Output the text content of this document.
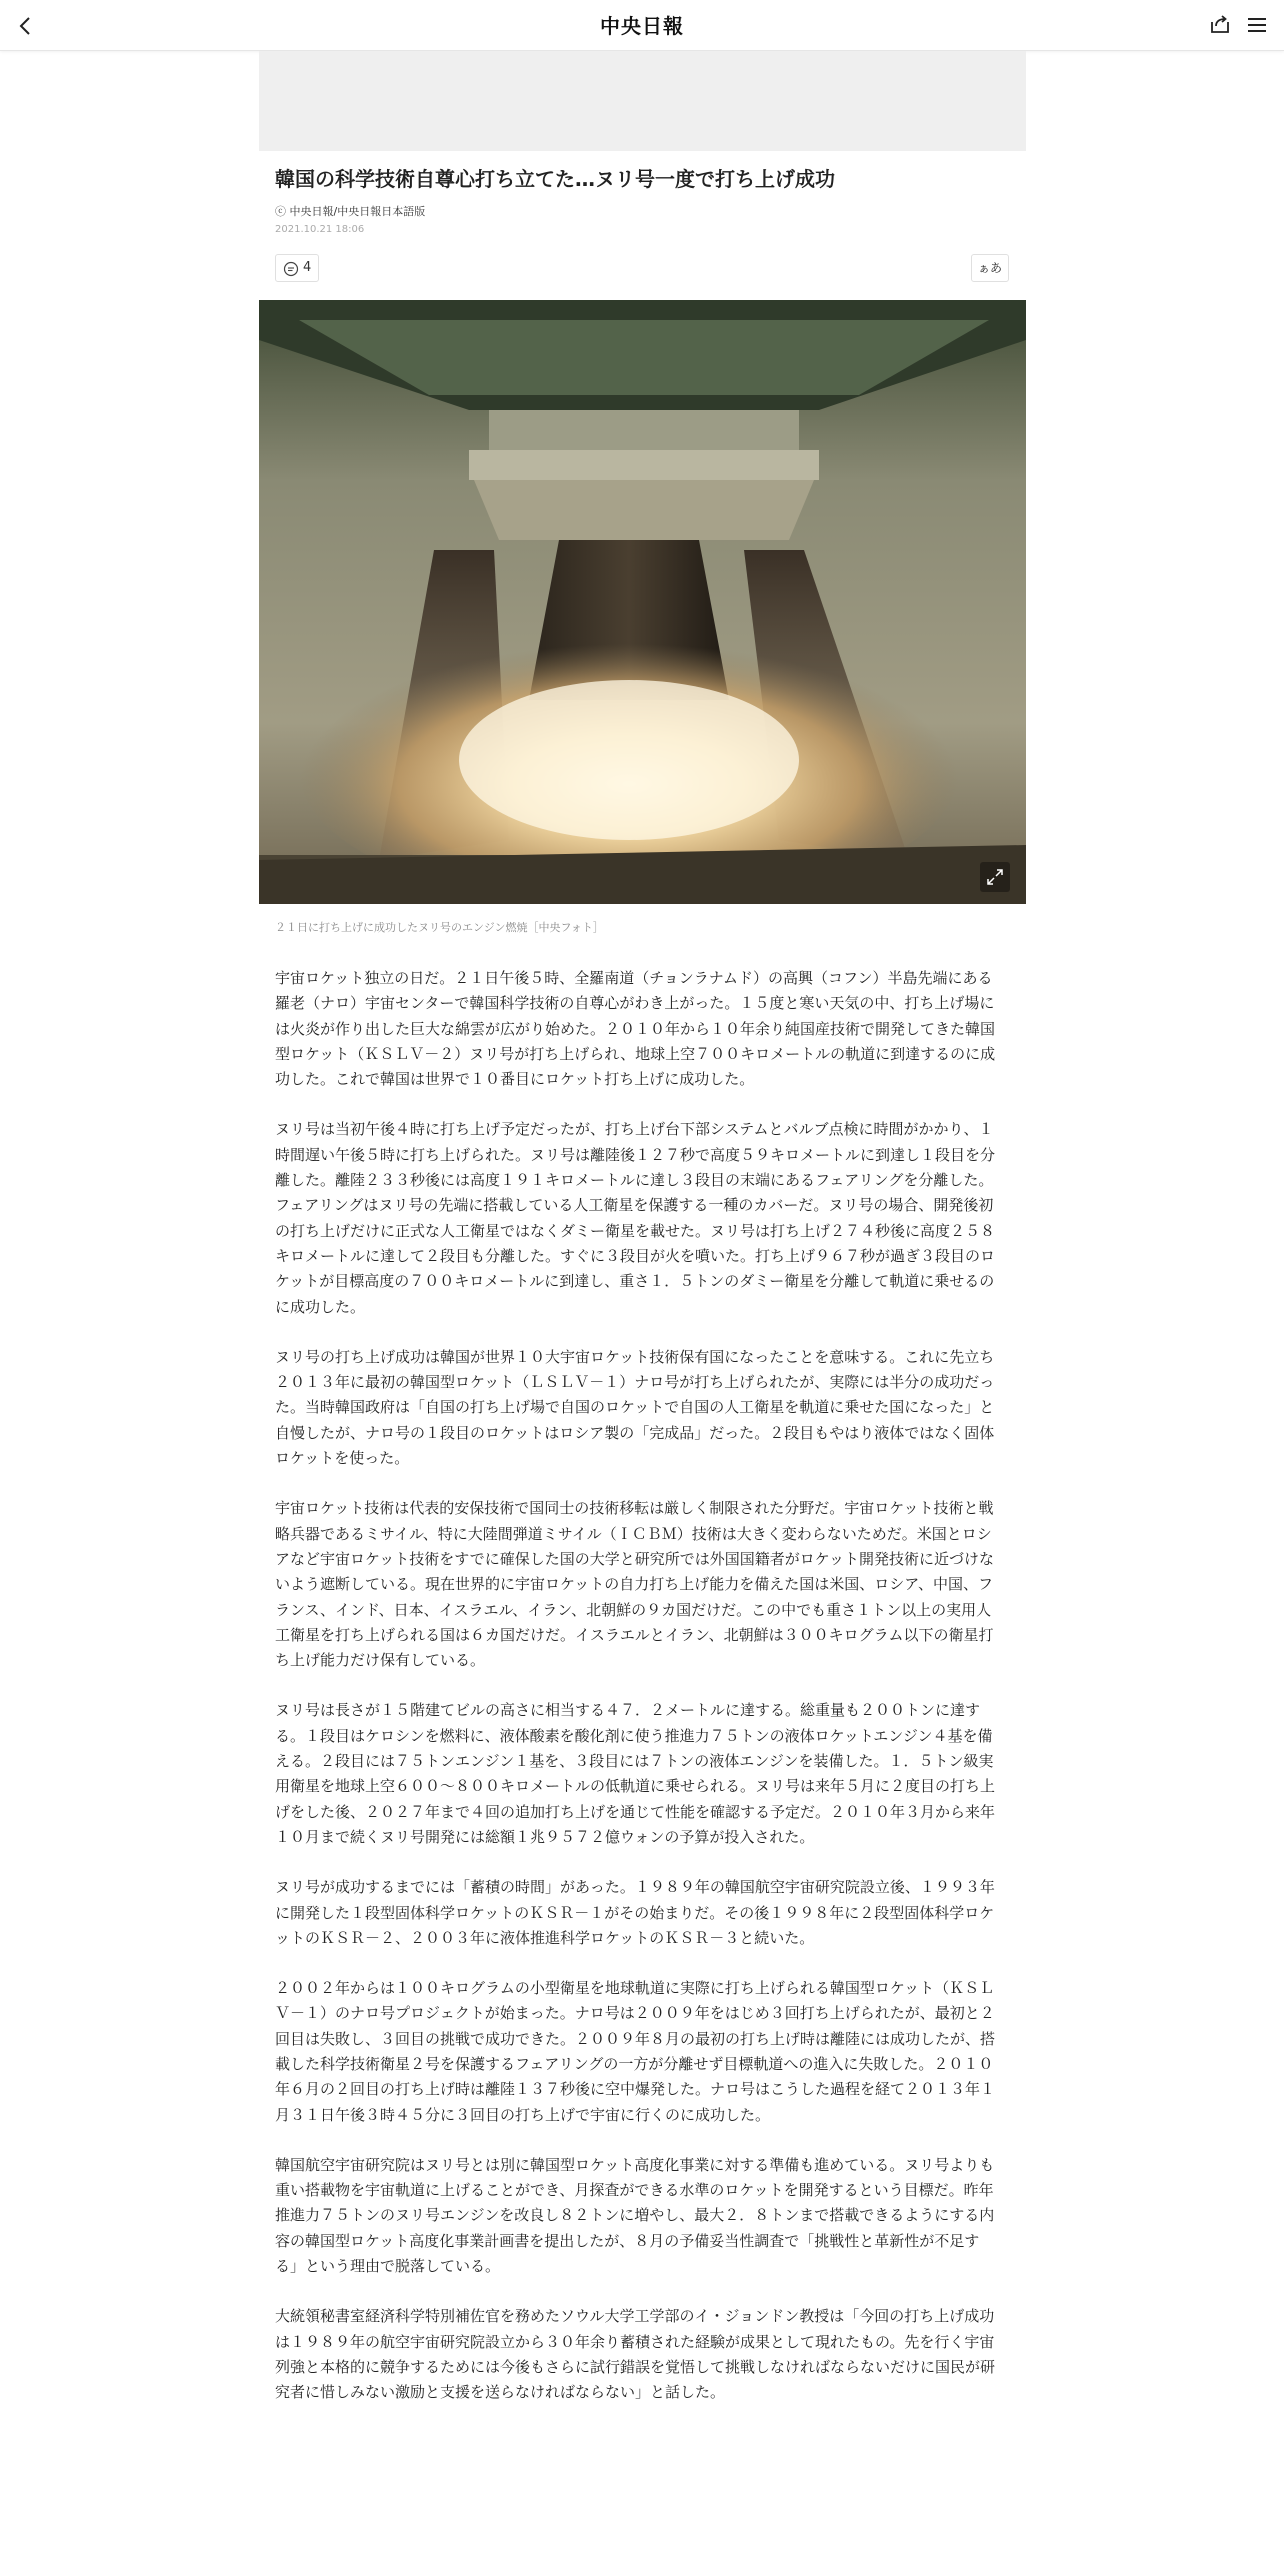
中央日報
韓国の科学技術自尊心打ち立てた…ヌリ号一度で打ち上げ成功
ⓒ 中央日報/中央日報日本語版
2021.10.21 18:06
4	ぁあ
２１日に打ち上げに成功したヌリ号のエンジン燃焼［中央フォト］

宇宙ロケット独立の日だ。２１日午後５時、全羅南道（チョンラナムド）の高興（コフン）半島先端にある羅老（ナロ）宇宙センターで韓国科学技術の自尊心がわき上がった。１５度と寒い天気の中、打ち上げ場には火炎が作り出した巨大な綿雲が広がり始めた。２０１０年から１０年余り純国産技術で開発してきた韓国型ロケット（ＫＳＬＶ－２）ヌリ号が打ち上げられ、地球上空７００キロメートルの軌道に到達するのに成功した。これで韓国は世界で１０番目にロケット打ち上げに成功した。

ヌリ号は当初午後４時に打ち上げ予定だったが、打ち上げ台下部システムとバルブ点検に時間がかかり、１時間遅い午後５時に打ち上げられた。ヌリ号は離陸後１２７秒で高度５９キロメートルに到達し１段目を分離した。離陸２３３秒後には高度１９１キロメートルに達し３段目の末端にあるフェアリングを分離した。フェアリングはヌリ号の先端に搭載している人工衛星を保護する一種のカバーだ。ヌリ号の場合、開発後初の打ち上げだけに正式な人工衛星ではなくダミー衛星を載せた。ヌリ号は打ち上げ２７４秒後に高度２５８キロメートルに達して２段目も分離した。すぐに３段目が火を噴いた。打ち上げ９６７秒が過ぎ３段目のロケットが目標高度の７００キロメートルに到達し、重さ１．５トンのダミー衛星を分離して軌道に乗せるのに成功した。

ヌリ号の打ち上げ成功は韓国が世界１０大宇宙ロケット技術保有国になったことを意味する。これに先立ち２０１３年に最初の韓国型ロケット（ＬＳＬＶ－１）ナロ号が打ち上げられたが、実際には半分の成功だった。当時韓国政府は「自国の打ち上げ場で自国のロケットで自国の人工衛星を軌道に乗せた国になった」と自慢したが、ナロ号の１段目のロケットはロシア製の「完成品」だった。２段目もやはり液体ではなく固体ロケットを使った。

宇宙ロケット技術は代表的安保技術で国同士の技術移転は厳しく制限された分野だ。宇宙ロケット技術と戦略兵器であるミサイル、特に大陸間弾道ミサイル（ＩＣＢＭ）技術は大きく変わらないためだ。米国とロシアなど宇宙ロケット技術をすでに確保した国の大学と研究所では外国国籍者がロケット開発技術に近づけないよう遮断している。現在世界的に宇宙ロケットの自力打ち上げ能力を備えた国は米国、ロシア、中国、フランス、インド、日本、イスラエル、イラン、北朝鮮の９カ国だけだ。この中でも重さ１トン以上の実用人工衛星を打ち上げられる国は６カ国だけだ。イスラエルとイラン、北朝鮮は３００キログラム以下の衛星打ち上げ能力だけ保有している。

ヌリ号は長さが１５階建てビルの高さに相当する４７．２メートルに達する。総重量も２００トンに達する。１段目はケロシンを燃料に、液体酸素を酸化剤に使う推進力７５トンの液体ロケットエンジン４基を備える。２段目には７５トンエンジン１基を、３段目には７トンの液体エンジンを装備した。１．５トン級実用衛星を地球上空６００～８００キロメートルの低軌道に乗せられる。ヌリ号は来年５月に２度目の打ち上げをした後、２０２７年まで４回の追加打ち上げを通じて性能を確認する予定だ。２０１０年３月から来年１０月まで続くヌリ号開発には総額１兆９５７２億ウォンの予算が投入された。

ヌリ号が成功するまでには「蓄積の時間」があった。１９８９年の韓国航空宇宙研究院設立後、１９９３年に開発した１段型固体科学ロケットのＫＳＲ－１がその始まりだ。その後１９９８年に２段型固体科学ロケットのＫＳＲ－２、２００３年に液体推進科学ロケットのＫＳＲ－３と続いた。

２００２年からは１００キログラムの小型衛星を地球軌道に実際に打ち上げられる韓国型ロケット（ＫＳＬＶ－１）のナロ号プロジェクトが始まった。ナロ号は２００９年をはじめ３回打ち上げられたが、最初と２回目は失敗し、３回目の挑戦で成功できた。２００９年８月の最初の打ち上げ時は離陸には成功したが、搭載した科学技術衛星２号を保護するフェアリングの一方が分離せず目標軌道への進入に失敗した。２０１０年６月の２回目の打ち上げ時は離陸１３７秒後に空中爆発した。ナロ号はこうした過程を経て２０１３年１月３１日午後３時４５分に３回目の打ち上げで宇宙に行くのに成功した。

韓国航空宇宙研究院はヌリ号とは別に韓国型ロケット高度化事業に対する準備も進めている。ヌリ号よりも重い搭載物を宇宙軌道に上げることができ、月探査ができる水準のロケットを開発するという目標だ。昨年推進力７５トンのヌリ号エンジンを改良し８２トンに増やし、最大２．８トンまで搭載できるようにする内容の韓国型ロケット高度化事業計画書を提出したが、８月の予備妥当性調査で「挑戦性と革新性が不足する」という理由で脱落している。

大統領秘書室経済科学特別補佐官を務めたソウル大学工学部のイ・ジョンドン教授は「今回の打ち上げ成功は１９８９年の航空宇宙研究院設立から３０年余り蓄積された経験が成果として現れたもの。先を行く宇宙列強と本格的に競争するためには今後もさらに試行錯誤を覚悟して挑戦しなければならないだけに国民が研究者に惜しみない激励と支援を送らなければならない」と話した。
